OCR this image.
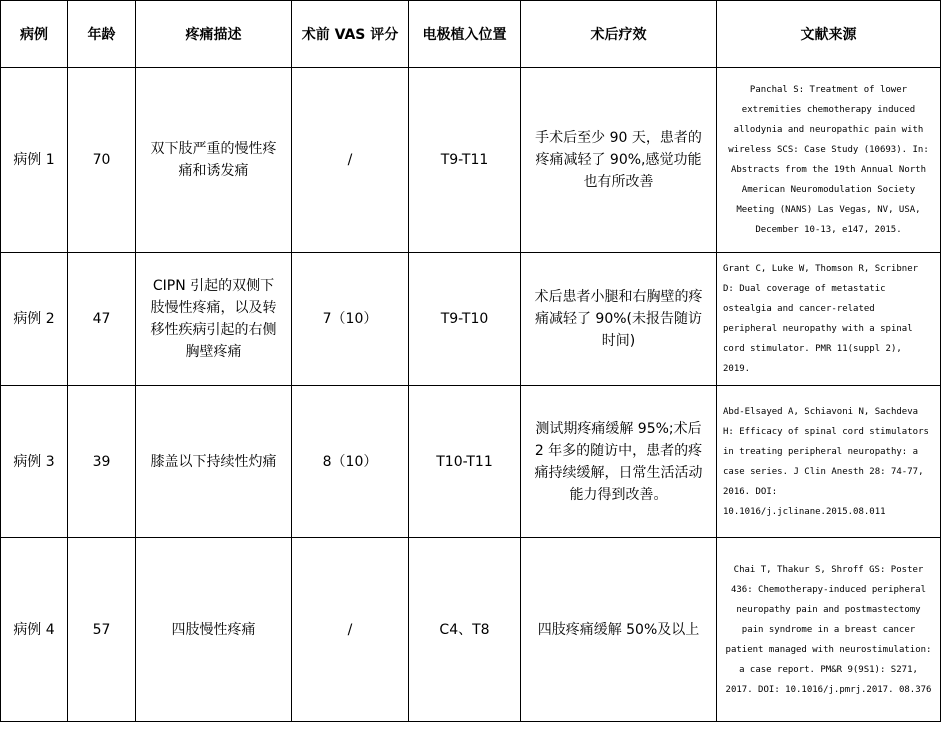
病例	年龄	疼痛描述	术前 VAS 评分	电极植入位置	术后疗效	文献来源
病例 1	70	双下肢严重的慢性疼痛和诱发痛	/	T9-T11	手术后至少 90 天，患者的疼痛减轻了 90%,感觉功能也有所改善	Panchal S: Treatment of lower extremities chemotherapy induced allodynia and neuropathic pain with wireless SCS: Case Study (10693). In: Abstracts from the 19th Annual North American Neuromodulation Society Meeting (NANS) Las Vegas, NV, USA, December 10-13, e147, 2015.
病例 2	47	CIPN 引起的双侧下肢慢性疼痛，以及转移性疾病引起的右侧胸壁疼痛	7（10）	T9-T10	术后患者小腿和右胸壁的疼痛减轻了 90%(未报告随访时间)	Grant C, Luke W, Thomson R, Scribner D: Dual coverage of metastatic ostealgia and cancer-related peripheral neuropathy with a spinal cord stimulator. PMR 11(suppl 2), 2019.
病例 3	39	膝盖以下持续性灼痛	8（10）	T10-T11	测试期疼痛缓解 95%;术后 2 年多的随访中，患者的疼痛持续缓解，日常生活活动能力得到改善。	Abd-Elsayed A, Schiavoni N, Sachdeva H: Efficacy of spinal cord stimulators in treating peripheral neuropathy: a case series. J Clin Anesth 28: 74-77, 2016. DOI: 10.1016/j.jclinane.2015.08.011
病例 4	57	四肢慢性疼痛	/	C4、T8	四肢疼痛缓解 50%及以上	Chai T, Thakur S, Shroff GS: Poster 436: Chemotherapy-induced peripheral neuropathy pain and postmastectomy pain syndrome in a breast cancer patient managed with neurostimulation: a case report. PM&R 9(9S1): S271, 2017. DOI: 10.1016/j.pmrj.2017. 08.376
